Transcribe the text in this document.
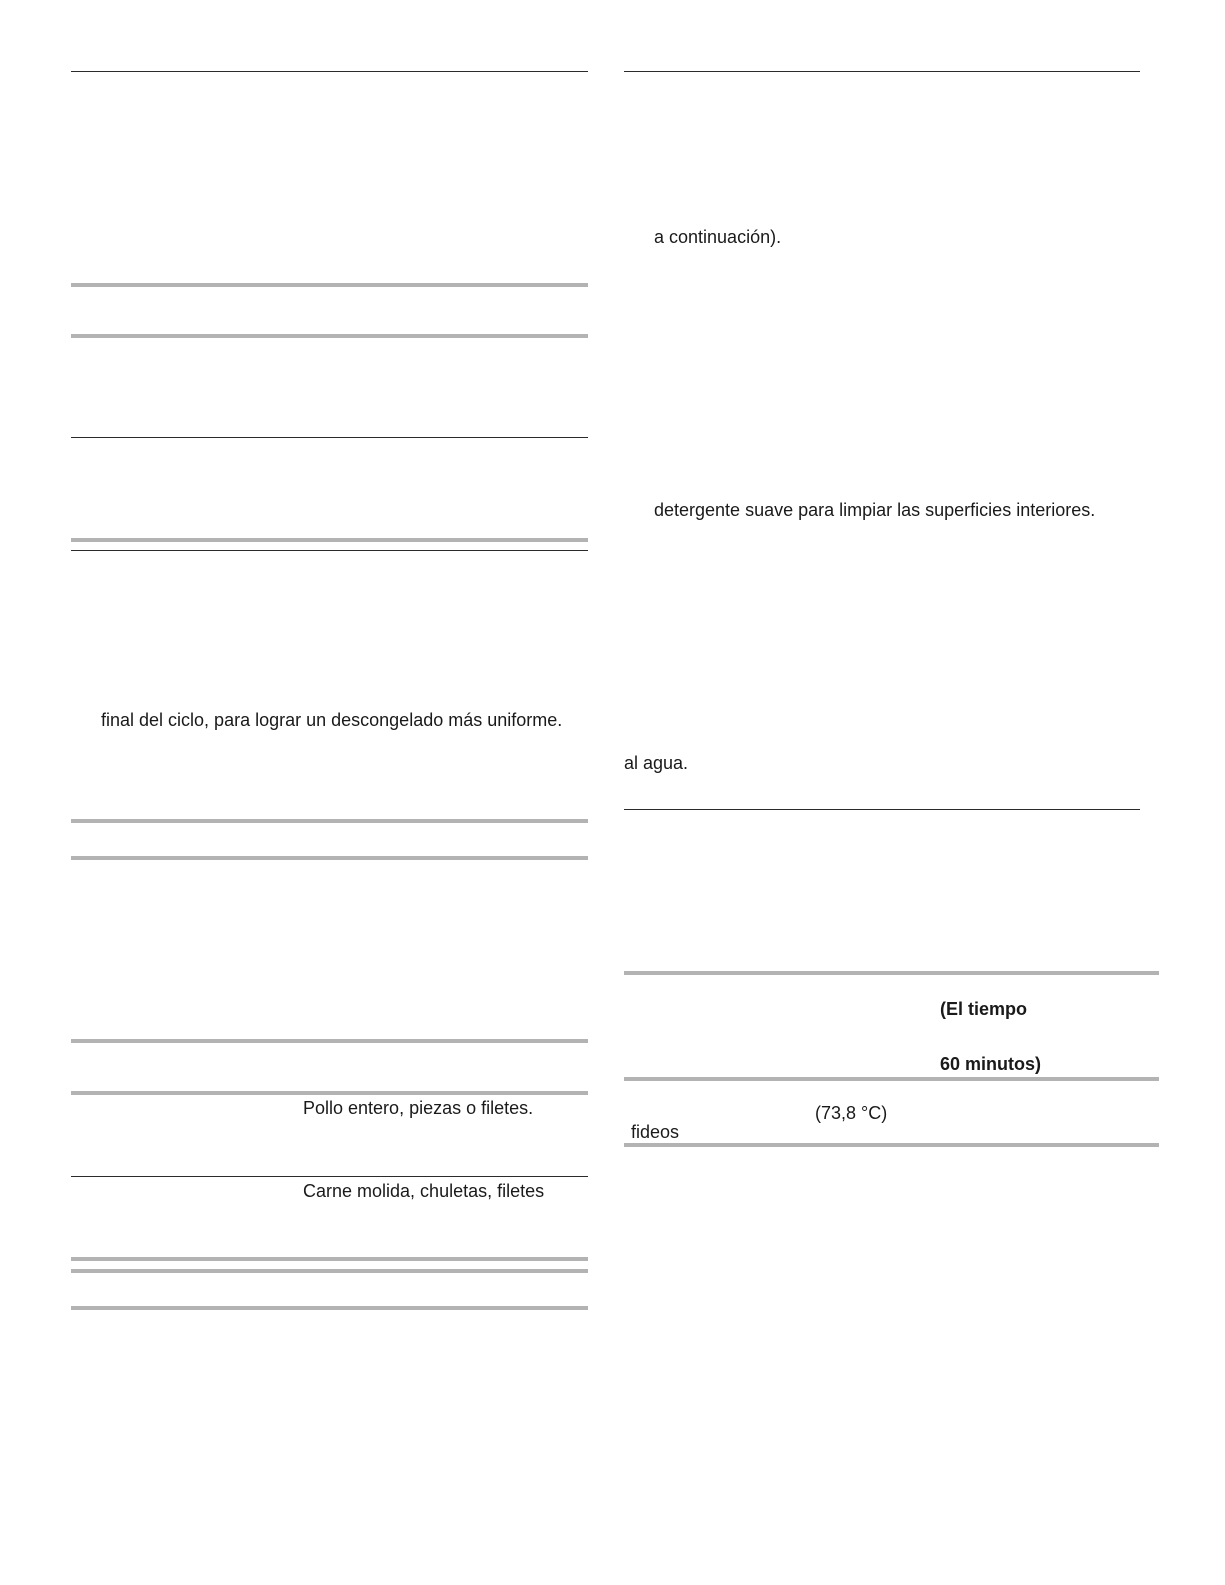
final del ciclo, para lograr un descongelado más uniforme.
Pollo entero, piezas o filetes.
Carne molida, chuletas, filetes
a continuación).
detergente suave para limpiar las superficies interiores.
al agua.
(El tiempo
60 minutos)
(73,8 °C)
fideos
